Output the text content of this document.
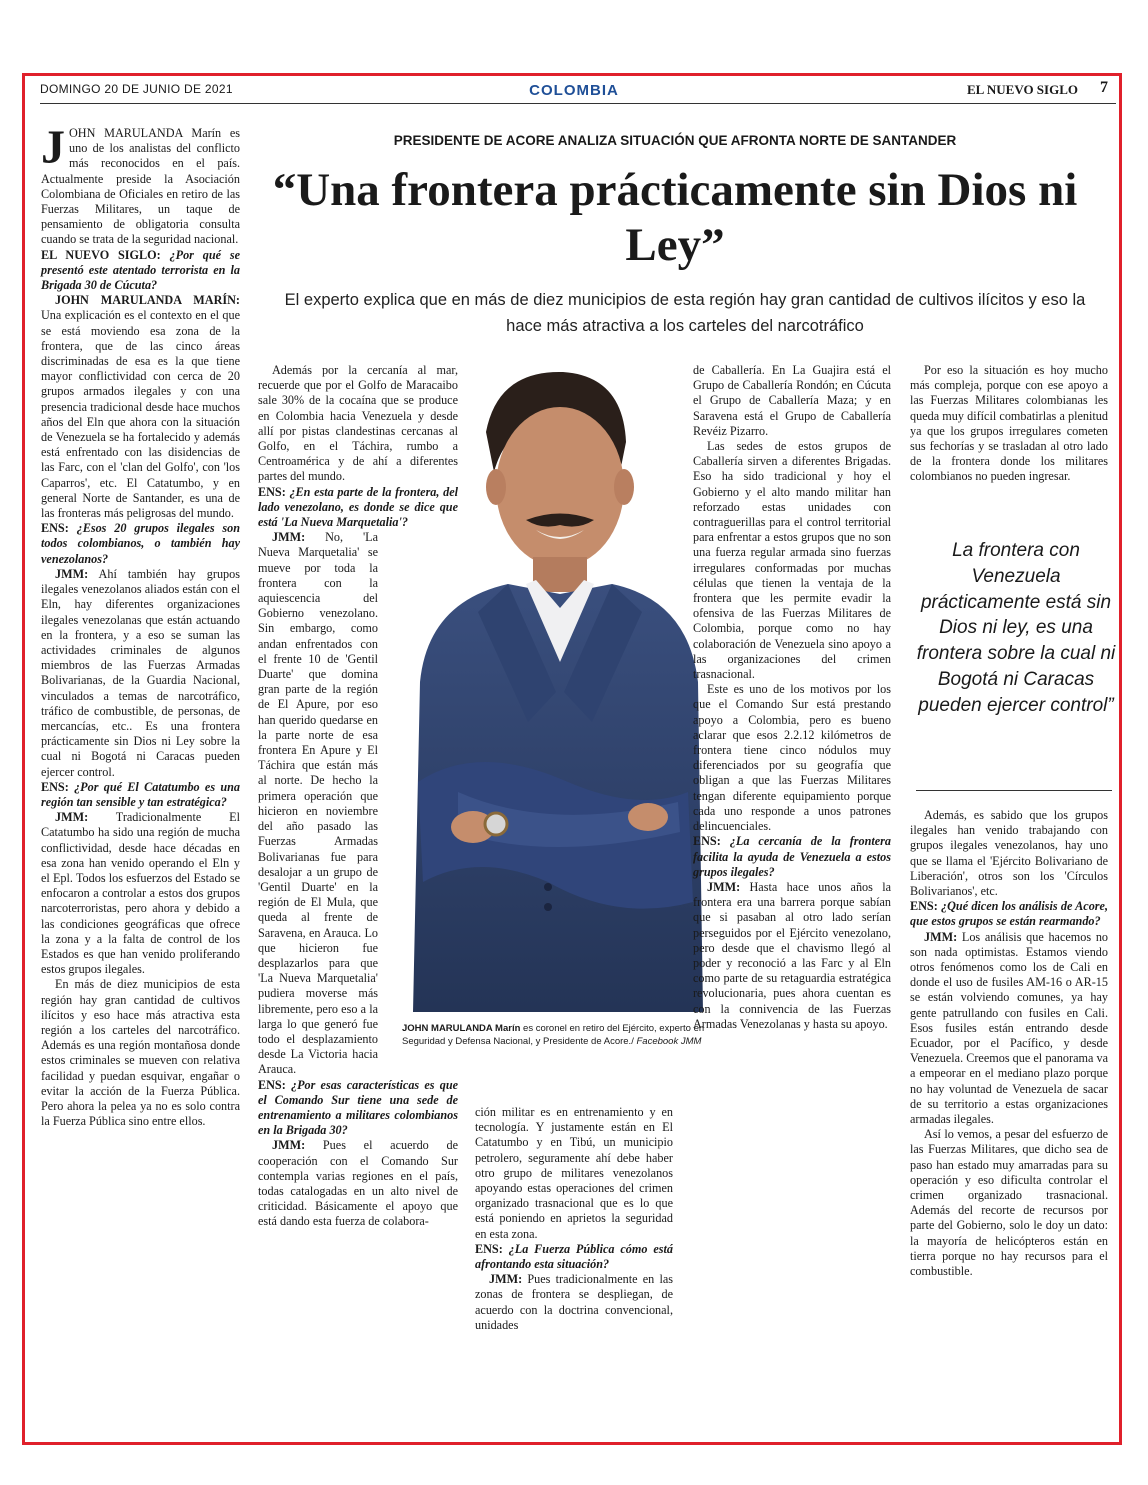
DOMINGO 20 DE JUNIO DE 2021	COLOMBIA	EL NUEVO SIGLO 7
PRESIDENTE DE ACORE ANALIZA SITUACIÓN QUE AFRONTA NORTE DE SANTANDER
“Una frontera prácticamente sin Dios ni Ley”
El experto explica que en más de diez municipios de esta región hay gran cantidad de cultivos ilícitos y eso la hace más atractiva a los carteles del narcotráfico

JOHN MARULANDA Marín es uno de los analistas del conflicto más reconocidos en el país. Actualmente preside la Asociación Colombiana de Oficiales en retiro de las Fuerzas Militares, un taque de pensamiento de obligatoria consulta cuando se trata de la seguridad nacional.

EL NUEVO SIGLO: ¿Por qué se presentó este atentado terrorista en la Brigada 30 de Cúcuta?

JOHN MARULANDA MARÍN: Una explicación es el contexto en el que se está moviendo esa zona de la frontera, que de las cinco áreas discriminadas de esa es la que tiene mayor conflictividad con cerca de 20 grupos armados ilegales y con una presencia tradicional desde hace muchos años del Eln que ahora con la situación de Venezuela se ha fortalecido y además está enfrentado con las disidencias de las Farc, con el 'clan del Golfo', con 'los Caparros', etc. El Catatumbo, y en general Norte de Santander, es una de las fronteras más peligrosas del mundo.

ENS: ¿Esos 20 grupos ilegales son todos colombianos, o también hay venezolanos?

JMM: Ahí también hay grupos ilegales venezolanos aliados están con el Eln, hay diferentes organizaciones ilegales venezolanas que están actuando en la frontera, y a eso se suman las actividades criminales de algunos miembros de las Fuerzas Armadas Bolivarianas, de la Guardia Nacional, vinculados a temas de narcotráfico, tráfico de combustible, de personas, de mercancías, etc.. Es una frontera prácticamente sin Dios ni Ley sobre la cual ni Bogotá ni Caracas pueden ejercer control.

ENS: ¿Por qué El Catatumbo es una región tan sensible y tan estratégica?

JMM: Tradicionalmente El Catatumbo ha sido una región de mucha conflictividad, desde hace décadas en esa zona han venido operando el Eln y el Epl. Todos los esfuerzos del Estado se enfocaron a controlar a estos dos grupos narcoterroristas, pero ahora y debido a las condiciones geográficas que ofrece la zona y a la falta de control de los Estados es que han venido proliferando estos grupos ilegales.

En más de diez municipios de esta región hay gran cantidad de cultivos ilícitos y eso hace más atractiva esta región a los carteles del narcotráfico. Además es una región montañosa donde estos criminales se mueven con relativa facilidad y puedan esquivar, engañar o evitar la acción de la Fuerza Pública. Pero ahora la pelea ya no es solo contra la Fuerza Pública sino entre ellos.

Además por la cercanía al mar, recuerde que por el Golfo de Maracaibo sale 30% de la cocaína que se produce en Colombia hacia Venezuela y desde allí por pistas clandestinas cercanas al Golfo, en el Táchira, rumbo a Centroamérica y de ahí a diferentes partes del mundo.

ENS: ¿En esta parte de la frontera, del lado venezolano, es donde se dice que está 'La Nueva Marquetalia'?

JMM: No, 'La Nueva Marquetalia' se mueve por toda la frontera con la aquiescencia del Gobierno venezolano. Sin embargo, como andan enfrentados con el frente 10 de 'Gentil Duarte' que domina gran parte de la región de El Apure, por eso han querido quedarse en la parte norte de esa frontera En Apure y El Táchira que están más al norte. De hecho la primera operación que hicieron en noviembre del año pasado las Fuerzas Armadas Bolivarianas fue para desalojar a un grupo de 'Gentil Duarte' en la región de El Mula, que queda al frente de Saravena, en Arauca. Lo que hicieron fue desplazarlos para que 'La Nueva Marquetalia' pudiera moverse más libremente, pero eso a la larga lo que generó fue todo el desplazamiento desde La Victoria hacia Arauca.

ENS: ¿Por esas características es que el Comando Sur tiene una sede de entrenamiento a militares colombianos en la Brigada 30?

JMM: Pues el acuerdo de cooperación con el Comando Sur contempla varias regiones en el país, todas catalogadas en un alto nivel de criticidad. Básicamente el apoyo que está dando esta fuerza de colabora-

ción militar es en entrenamiento y en tecnología. Y justamente están en El Catatumbo y en Tibú, un municipio petrolero, seguramente ahí debe haber otro grupo de militares venezolanos apoyando estas operaciones del crimen organizado trasnacional que es lo que está poniendo en aprietos la seguridad en esta zona.

ENS: ¿La Fuerza Pública cómo está afrontando esta situación?

JMM: Pues tradicionalmente en las zonas de frontera se despliegan, de acuerdo con la doctrina convencional, unidades

JOHN MARULANDA Marín es coronel en retiro del Ejército, experto en Seguridad y Defensa Nacional, y Presidente de Acore./ Facebook JMM

de Caballería. En La Guajira está el Grupo de Caballería Rondón; en Cúcuta el Grupo de Caballería Maza; y en Saravena está el Grupo de Caballería Revéiz Pizarro.

Las sedes de estos grupos de Caballería sirven a diferentes Brigadas. Eso ha sido tradicional y hoy el Gobierno y el alto mando militar han reforzado estas unidades con contraguerillas para el control territorial para enfrentar a estos grupos que no son una fuerza regular armada sino fuerzas irregulares conformadas por muchas células que tienen la ventaja de la frontera que les permite evadir la ofensiva de las Fuerzas Militares de Colombia, porque como no hay colaboración de Venezuela sino apoyo a las organizaciones del crimen trasnacional.

Este es uno de los motivos por los que el Comando Sur está prestando apoyo a Colombia, pero es bueno aclarar que esos 2.2.12 kilómetros de frontera tiene cinco nódulos muy diferenciados por su geografía que obligan a que las Fuerzas Militares tengan diferente equipamiento porque cada uno responde a unos patrones delincuenciales.

ENS: ¿La cercanía de la frontera facilita la ayuda de Venezuela a estos grupos ilegales?

JMM: Hasta hace unos años la frontera era una barrera porque sabían que si pasaban al otro lado serían perseguidos por el Ejército venezolano, pero desde que el chavismo llegó al poder y reconoció a las Farc y al Eln como parte de su retaguardia estratégica revolucionaria, pues ahora cuentan es con la connivencia de las Fuerzas Armadas Venezolanas y hasta su apoyo.

Por eso la situación es hoy mucho más compleja, porque con ese apoyo a las Fuerzas Militares colombianas les queda muy difícil combatirlas a plenitud ya que los grupos irregulares cometen sus fechorías y se trasladan al otro lado de la frontera donde los militares colombianos no pueden ingresar.

La frontera con Venezuela prácticamente está sin Dios ni ley, es una frontera sobre la cual ni Bogotá ni Caracas pueden ejercer control”

Además, es sabido que los grupos ilegales han venido trabajando con grupos ilegales venezolanos, hay uno que se llama el 'Ejército Bolivariano de Liberación', otros son los 'Círculos Bolivarianos', etc.

ENS: ¿Qué dicen los análisis de Acore, que estos grupos se están rearmando?

JMM: Los análisis que hacemos no son nada optimistas. Estamos viendo otros fenómenos como los de Cali en donde el uso de fusiles AM-16 o AR-15 se están volviendo comunes, ya hay gente patrullando con fusiles en Cali. Esos fusiles están entrando desde Ecuador, por el Pacífico, y desde Venezuela. Creemos que el panorama va a empeorar en el mediano plazo porque no hay voluntad de Venezuela de sacar de su territorio a estas organizaciones armadas ilegales.

Así lo vemos, a pesar del esfuerzo de las Fuerzas Militares, que dicho sea de paso han estado muy amarradas para su operación y eso dificulta controlar el crimen organizado trasnacional. Además del recorte de recursos por parte del Gobierno, solo le doy un dato: la mayoría de helicópteros están en tierra porque no hay recursos para el combustible.
